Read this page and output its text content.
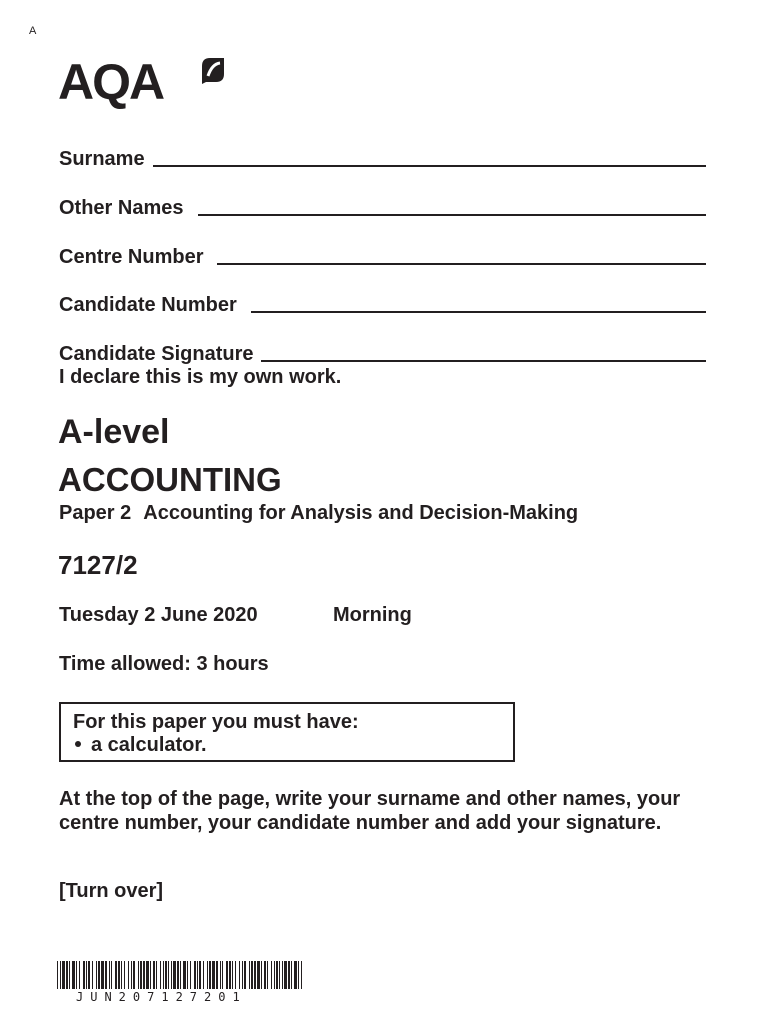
A
AQA
Surname
Other Names
Centre Number
Candidate Number
Candidate Signature
I declare this is my own work.
A-level
ACCOUNTING
Paper 2 Accounting for Analysis and Decision-Making
7127/2
Tuesday 2 June 2020	Morning
Time allowed: 3 hours
For this paper you must have:
a calculator.
At the top of the page, write your surname and other names, your centre number, your candidate number and add your signature.
[Turn over]
JUN207127201
